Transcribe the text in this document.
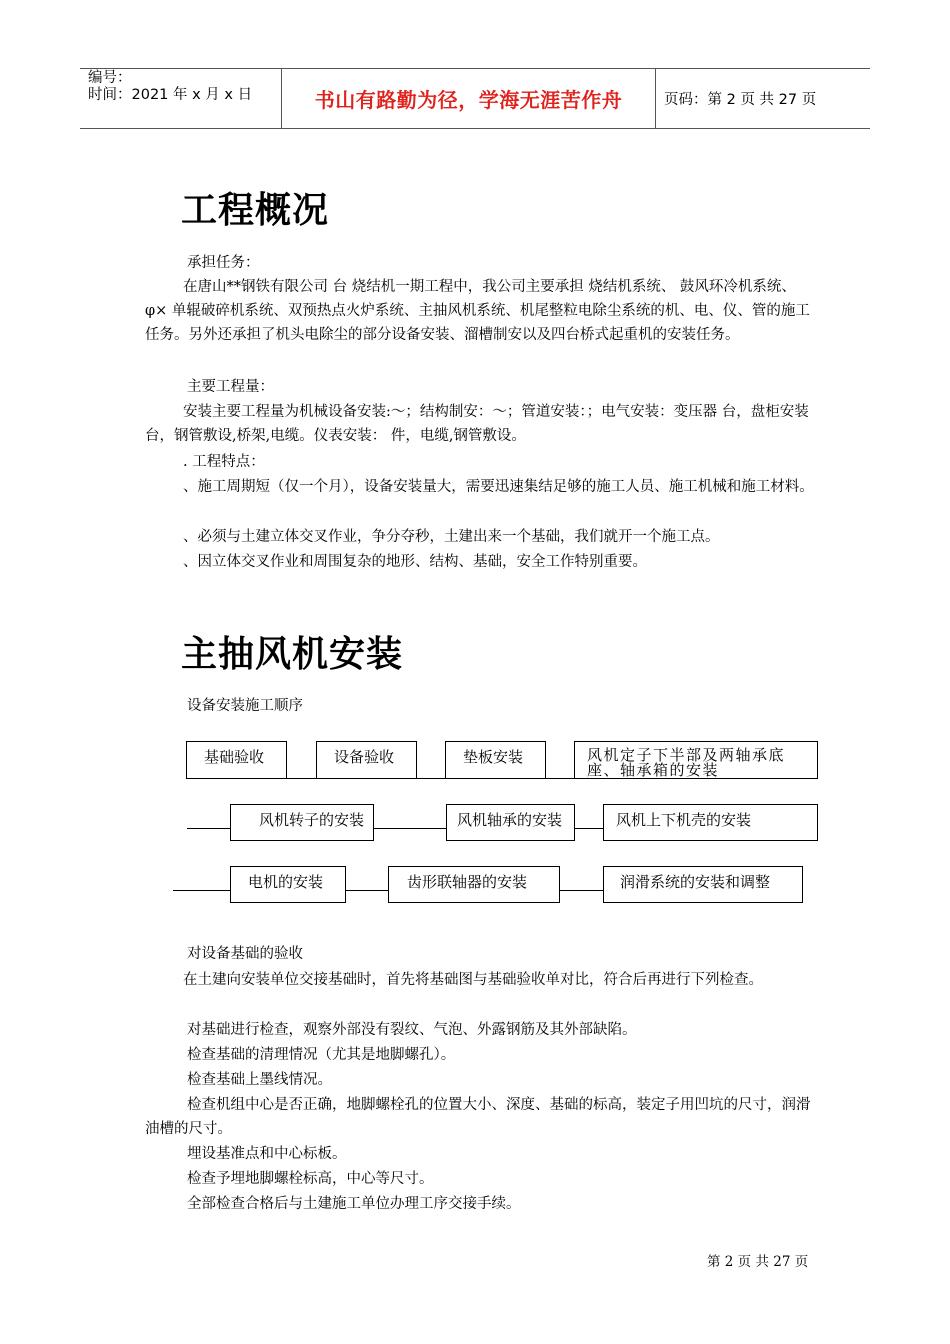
编号：
时间：2021 年 x 月 x 日	书山有路勤为径，学海无涯苦作舟	页码：第 2 页 共 27 页
工程概况

承担任务：

在唐山**钢铁有限公司 台 烧结机一期工程中，我公司主要承担 烧结机系统、 鼓风环冷机系统、φ× 单辊破碎机系统、双预热点火炉系统、主抽风机系统、机尾整粒电除尘系统的机、电、仪、管的施工任务。另外还承担了机头电除尘的部分设备安装、溜槽制安以及四台桥式起重机的安装任务。

主要工程量：

安装主要工程量为机械设备安装:～；结构制安：～；管道安装：；电气安装：变压器 台，盘柜安装 台，钢管敷设,桥架,电缆。仪表安装： 件，电缆,钢管敷设。

. 工程特点：

、施工周期短（仅一个月），设备安装量大，需要迅速集结足够的施工人员、施工机械和施工材料。

、必须与土建立体交叉作业，争分夺秒，土建出来一个基础，我们就开一个施工点。

、因立体交叉作业和周围复杂的地形、结构、基础，安全工作特别重要。

主抽风机安装

设备安装施工顺序

基础验收	设备验收	垫板安装	风机定子下半部及两轴承底座、轴承箱的安装
风机转子的安装	风机轴承的安装	风机上下机壳的安装
电机的安装	齿形联轴器的安装	润滑系统的安装和调整

对设备基础的验收

在土建向安装单位交接基础时，首先将基础图与基础验收单对比，符合后再进行下列检查。

对基础进行检查，观察外部没有裂纹、气泡、外露钢筋及其外部缺陷。

检查基础的清理情况（尤其是地脚螺孔）。

检查基础上墨线情况。

检查机组中心是否正确，地脚螺栓孔的位置大小、深度、基础的标高，装定子用凹坑的尺寸，润滑油槽的尺寸。

埋设基准点和中心标板。

检查予埋地脚螺栓标高，中心等尺寸。

全部检查合格后与土建施工单位办理工序交接手续。

第 2 页 共 27 页
